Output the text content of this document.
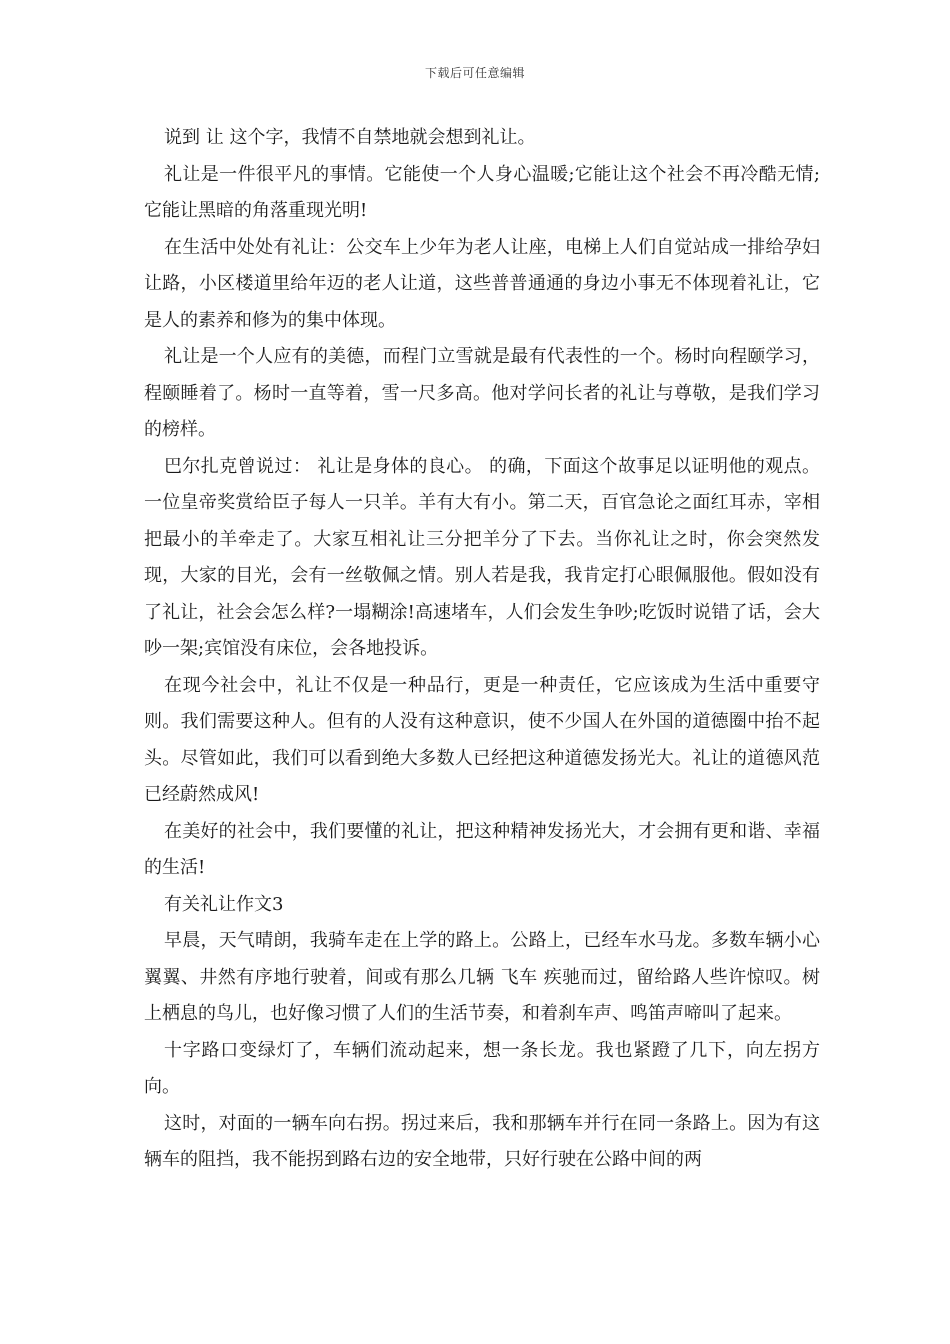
下载后可任意编辑

说到 让 这个字，我情不自禁地就会想到礼让。

礼让是一件很平凡的事情。它能使一个人身心温暖;它能让这个社会不再冷酷无情;它能让黑暗的角落重现光明!

在生活中处处有礼让：公交车上少年为老人让座，电梯上人们自觉站成一排给孕妇让路，小区楼道里给年迈的老人让道，这些普普通通的身边小事无不体现着礼让，它是人的素养和修为的集中体现。

礼让是一个人应有的美德，而程门立雪就是最有代表性的一个。杨时向程颐学习，程颐睡着了。杨时一直等着，雪一尺多高。他对学问长者的礼让与尊敬，是我们学习的榜样。

巴尔扎克曾说过： 礼让是身体的良心。 的确，下面这个故事足以证明他的观点。一位皇帝奖赏给臣子每人一只羊。羊有大有小。第二天，百官急论之面红耳赤，宰相把最小的羊牵走了。大家互相礼让三分把羊分了下去。当你礼让之时，你会突然发现，大家的目光，会有一丝敬佩之情。别人若是我，我肯定打心眼佩服他。假如没有了礼让，社会会怎么样?一塌糊涂!高速堵车，人们会发生争吵;吃饭时说错了话，会大吵一架;宾馆没有床位，会各地投诉。

在现今社会中，礼让不仅是一种品行，更是一种责任，它应该成为生活中重要守则。我们需要这种人。但有的人没有这种意识，使不少国人在外国的道德圈中抬不起头。尽管如此，我们可以看到绝大多数人已经把这种道德发扬光大。礼让的道德风范已经蔚然成风!

在美好的社会中，我们要懂的礼让，把这种精神发扬光大，才会拥有更和谐、幸福的生活!

有关礼让作文3

早晨，天气晴朗，我骑车走在上学的路上。公路上，已经车水马龙。多数车辆小心翼翼、井然有序地行驶着，间或有那么几辆 飞车 疾驰而过，留给路人些许惊叹。树上栖息的鸟儿，也好像习惯了人们的生活节奏，和着刹车声、鸣笛声啼叫了起来。

十字路口变绿灯了，车辆们流动起来，想一条长龙。我也紧蹬了几下，向左拐方向。

这时，对面的一辆车向右拐。拐过来后，我和那辆车并行在同一条路上。因为有这辆车的阻挡，我不能拐到路右边的安全地带，只好行驶在公路中间的两
